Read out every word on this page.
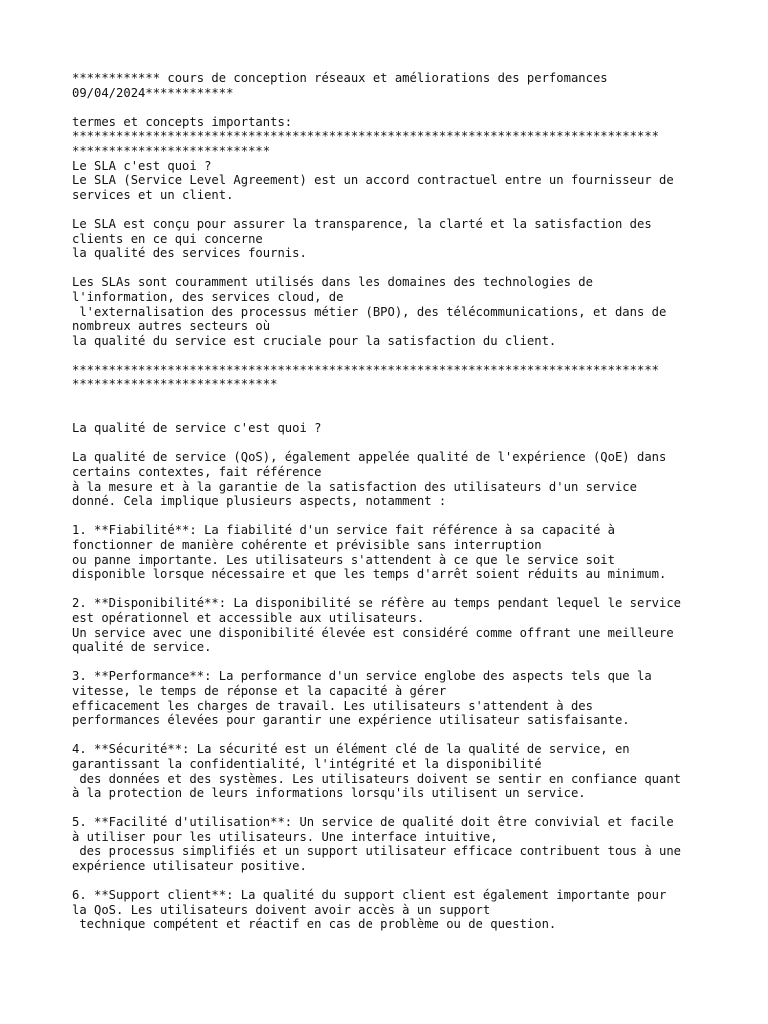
************ cours de conception réseaux et améliorations des perfomances

09/04/2024************

termes et concepts importants:

********************************************************************************

***************************

Le SLA c'est quoi ?

Le SLA (Service Level Agreement) est un accord contractuel entre un fournisseur de

services et un client.

Le SLA est conçu pour assurer la transparence, la clarté et la satisfaction des

clients en ce qui concerne

la qualité des services fournis.

Les SLAs sont couramment utilisés dans les domaines des technologies de

l'information, des services cloud, de

l'externalisation des processus métier (BPO), des télécommunications, et dans de

nombreux autres secteurs où

la qualité du service est cruciale pour la satisfaction du client.

********************************************************************************

****************************

La qualité de service c'est quoi ?

La qualité de service (QoS), également appelée qualité de l'expérience (QoE) dans

certains contextes, fait référence

à la mesure et à la garantie de la satisfaction des utilisateurs d'un service

donné. Cela implique plusieurs aspects, notamment :

1. **Fiabilité**: La fiabilité d'un service fait référence à sa capacité à

fonctionner de manière cohérente et prévisible sans interruption

ou panne importante. Les utilisateurs s'attendent à ce que le service soit

disponible lorsque nécessaire et que les temps d'arrêt soient réduits au minimum.

2. **Disponibilité**: La disponibilité se réfère au temps pendant lequel le service

est opérationnel et accessible aux utilisateurs.

Un service avec une disponibilité élevée est considéré comme offrant une meilleure

qualité de service.

3. **Performance**: La performance d'un service englobe des aspects tels que la

vitesse, le temps de réponse et la capacité à gérer

efficacement les charges de travail. Les utilisateurs s'attendent à des

performances élevées pour garantir une expérience utilisateur satisfaisante.

4. **Sécurité**: La sécurité est un élément clé de la qualité de service, en

garantissant la confidentialité, l'intégrité et la disponibilité

des données et des systèmes. Les utilisateurs doivent se sentir en confiance quant

à la protection de leurs informations lorsqu'ils utilisent un service.

5. **Facilité d'utilisation**: Un service de qualité doit être convivial et facile

à utiliser pour les utilisateurs. Une interface intuitive,

des processus simplifiés et un support utilisateur efficace contribuent tous à une

expérience utilisateur positive.

6. **Support client**: La qualité du support client est également importante pour

la QoS. Les utilisateurs doivent avoir accès à un support

technique compétent et réactif en cas de problème ou de question.
